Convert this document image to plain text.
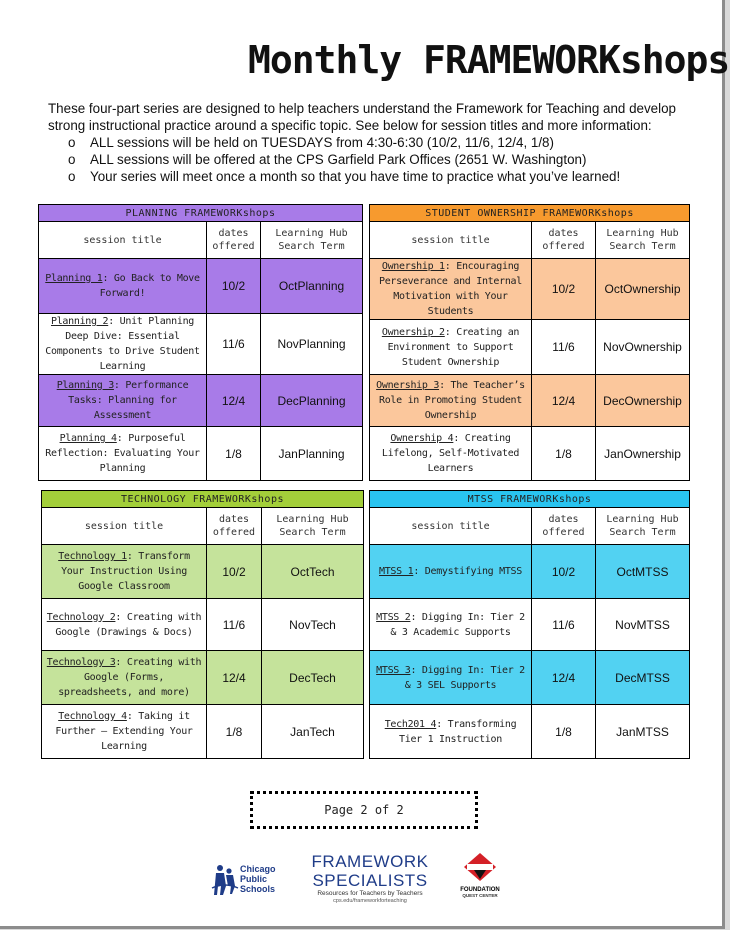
Monthly FRAMEWORKshops
These four-part series are designed to help teachers understand the Framework for Teaching and develop strong instructional practice around a specific topic. See below for session titles and more information:
o ALL sessions will be held on TUESDAYS from 4:30-6:30 (10/2, 11/6, 12/4, 1/8)
o ALL sessions will be offered at the CPS Garfield Park Offices (2651 W. Washington)
o Your series will meet once a month so that you have time to practice what you’ve learned!
PLANNING FRAMEWORKshops		
session title	dates offered	Learning Hub Search Term
Planning 1: Go Back to Move Forward!	10/2	OctPlanning
Planning 2: Unit Planning Deep Dive: Essential Components to Drive Student Learning	11/6	NovPlanning
Planning 3: Performance Tasks: Planning for Assessment	12/4	DecPlanning
Planning 4: Purposeful Reflection: Evaluating Your Planning	1/8	JanPlanning
STUDENT OWNERSHIP FRAMEWORKshops		
session title	dates offered	Learning Hub Search Term
Ownership 1: Encouraging Perseverance and Internal Motivation with Your Students	10/2	OctOwnership
Ownership 2: Creating an Environment to Support Student Ownership	11/6	NovOwnership
Ownership 3: The Teacher’s Role in Promoting Student Ownership	12/4	DecOwnership
Ownership 4: Creating Lifelong, Self-Motivated Learners	1/8	JanOwnership
TECHNOLOGY FRAMEWORKshops		
session title	dates offered	Learning Hub Search Term
Technology 1: Transform Your Instruction Using Google Classroom	10/2	OctTech
Technology 2: Creating with Google (Drawings & Docs)	11/6	NovTech
Technology 3: Creating with Google (Forms, spreadsheets, and more)	12/4	DecTech
Technology 4: Taking it Further – Extending Your Learning	1/8	JanTech
MTSS FRAMEWORKshops		
session title	dates offered	Learning Hub Search Term
MTSS 1: Demystifying MTSS	10/2	OctMTSS
MTSS 2: Digging In: Tier 2 & 3 Academic Supports	11/6	NovMTSS
MTSS 3: Digging In: Tier 2 & 3 SEL Supports	12/4	DecMTSS
Tech201 4: Transforming Tier 1 Instruction	1/8	JanMTSS
Page 2 of 2
Chicago
Public
Schools
FRAMEWORK
SPECIALISTS
Resources for Teachers by Teachers
cps.edu/frameworkforteaching
FOUNDATION
QUEST CENTER
